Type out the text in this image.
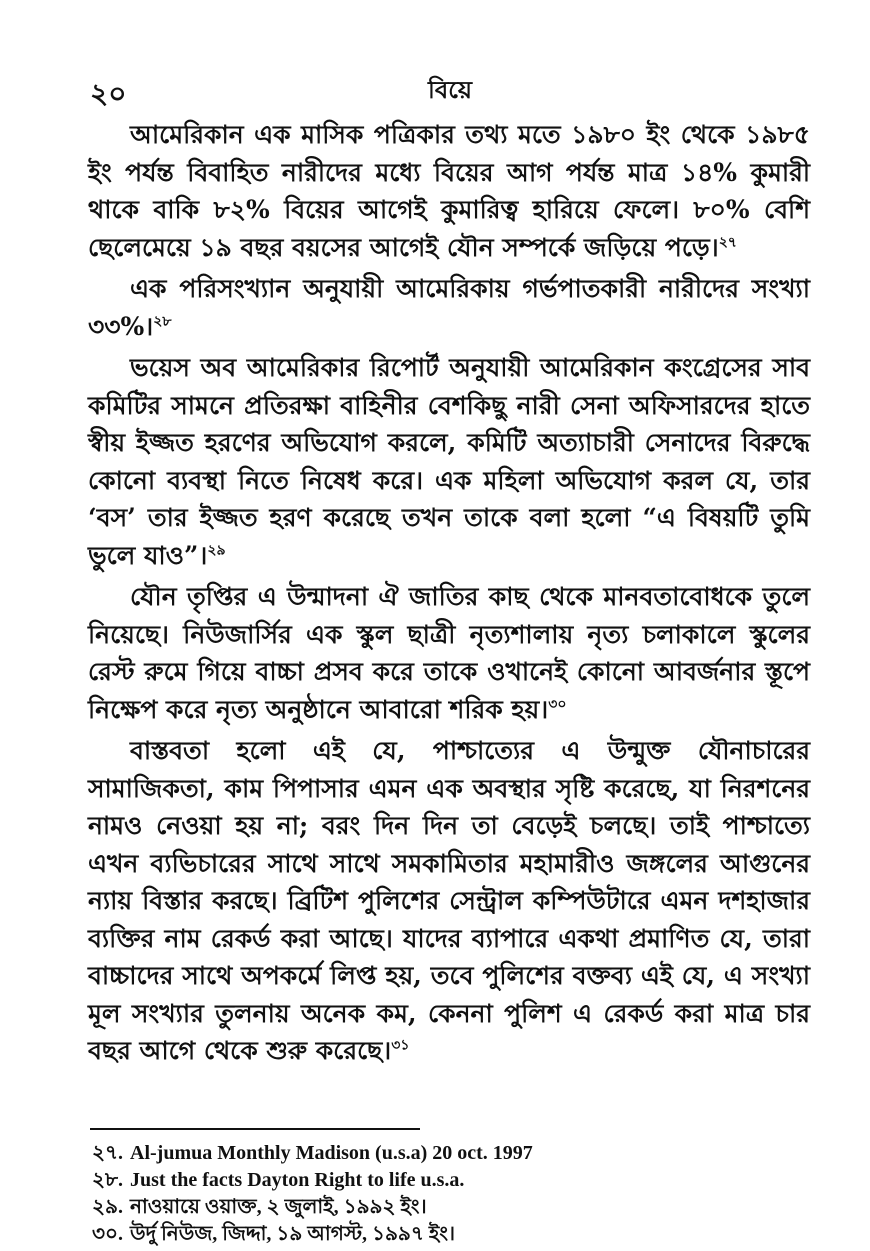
২০	বিয়ে

আমেরিকান এক মাসিক পত্রিকার তথ্য মতে ১৯৮০ ইং থেকে ১৯৮৫ ইং পর্যন্ত বিবাহিত নারীদের মধ্যে বিয়ের আগ পর্যন্ত মাত্র ১৪% কুমারী থাকে বাকি ৮২% বিয়ের আগেই কুমারিত্ব হারিয়ে ফেলে। ৮০% বেশি ছেলেমেয়ে ১৯ বছর বয়সের আগেই যৌন সম্পর্কে জড়িয়ে পড়ে।$^{২৭}$

এক পরিসংখ্যান অনুযায়ী আমেরিকায় গর্ভপাতকারী নারীদের সংখ্যা ৩৩%।$^{২৮}$

ভয়েস অব আমেরিকার রিপোর্ট অনুযায়ী আমেরিকান কংগ্রেসের সাব কমিটির সামনে প্রতিরক্ষা বাহিনীর বেশকিছু নারী সেনা অফিসারদের হাতে স্বীয় ইজ্জত হরণের অভিযোগ করলে, কমিটি অত্যাচারী সেনাদের বিরুদ্ধে কোনো ব্যবস্থা নিতে নিষেধ করে। এক মহিলা অভিযোগ করল যে, তার ‘বস’ তার ইজ্জত হরণ করেছে তখন তাকে বলা হলো “এ বিষয়টি তুমি ভুলে যাও”।$^{২৯}$

যৌন তৃপ্তির এ উন্মাদনা ঐ জাতির কাছ থেকে মানবতাবোধকে তুলে নিয়েছে। নিউজার্সির এক স্কুল ছাত্রী নৃত্যশালায় নৃত্য চলাকালে স্কুলের রেস্ট রুমে গিয়ে বাচ্চা প্রসব করে তাকে ওখানেই কোনো আবর্জনার স্তূপে নিক্ষেপ করে নৃত্য অনুষ্ঠানে আবারো শরিক হয়।$^{৩০}$

বাস্তবতা হলো এই যে, পাশ্চাত্যের এ উন্মুক্ত যৌনাচারের সামাজিকতা, কাম পিপাসার এমন এক অবস্থার সৃষ্টি করেছে, যা নিরশনের নামও নেওয়া হয় না; বরং দিন দিন তা বেড়েই চলছে। তাই পাশ্চাত্যে এখন ব্যভিচারের সাথে সাথে সমকামিতার মহামারীও জঙ্গলের আগুনের ন্যায় বিস্তার করছে। ব্রিটিশ পুলিশের সেন্ট্রাল কম্পিউটারে এমন দশহাজার ব্যক্তির নাম রেকর্ড করা আছে। যাদের ব্যাপারে একথা প্রমাণিত যে, তারা বাচ্চাদের সাথে অপকর্মে লিপ্ত হয়, তবে পুলিশের বক্তব্য এই যে, এ সংখ্যা মূল সংখ্যার তুলনায় অনেক কম, কেননা পুলিশ এ রেকর্ড করা মাত্র চার বছর আগে থেকে শুরু করেছে।$^{৩১}$

২৭. Al-jumua Monthly Madison (u.s.a) 20 oct. 1997
২৮. Just the facts Dayton Right to life u.s.a.
২৯. নাওয়ায়ে ওয়াক্ত, ২ জুলাই, ১৯৯২ ইং।
৩০. উর্দু নিউজ, জিদ্দা, ১৯ আগস্ট, ১৯৯৭ ইং।
